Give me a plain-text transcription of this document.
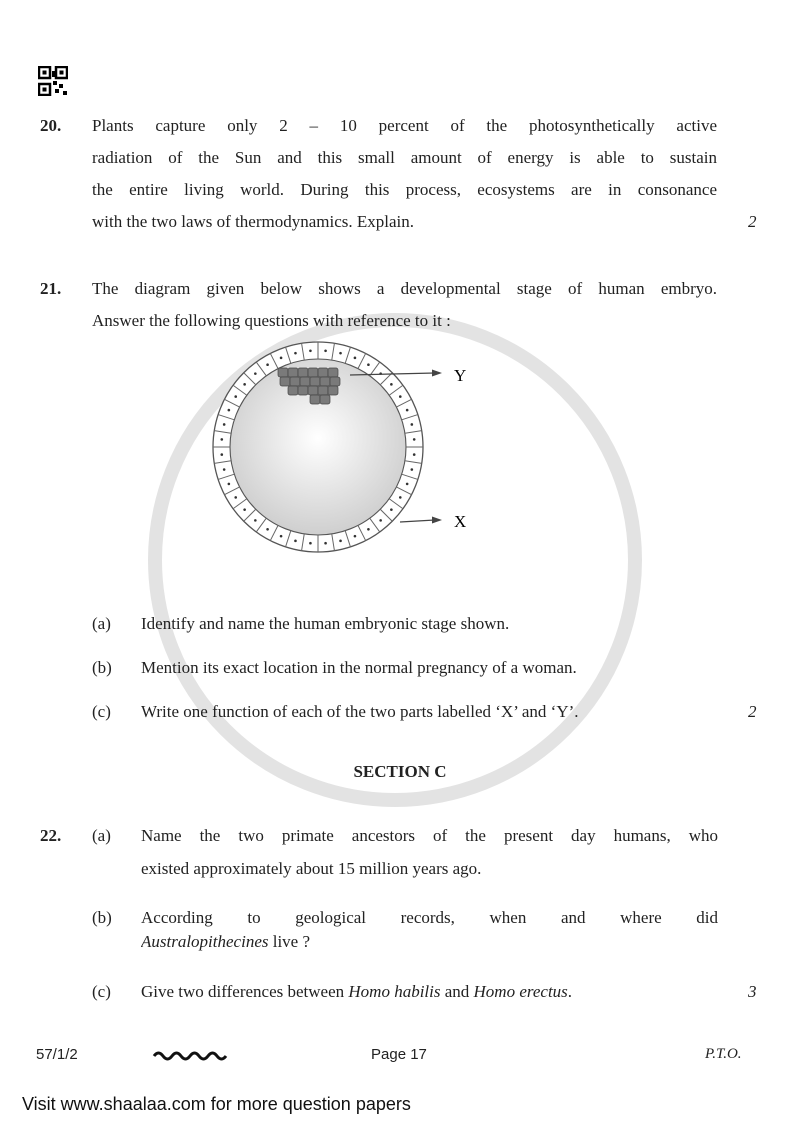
20. Plants capture only 2 – 10 percent of the photosynthetically active
radiation of the Sun and this small amount of energy is able to sustain
the entire living world. During this process, ecosystems are in consonance
with the two laws of thermodynamics. Explain.	2
21. The diagram given below shows a developmental stage of human embryo.
Answer the following questions with reference to it :
Y
X
(a) Identify and name the human embryonic stage shown.
(b) Mention its exact location in the normal pregnancy of a woman.
(c) Write one function of each of the two parts labelled ‘X’ and ‘Y’.	2
SECTION C
22. (a) Name the two primate ancestors of the present day humans, who
existed approximately about 15 million years ago.
(b) According to geological records, when and where did
Australopithecines live ?
(c) Give two differences between Homo habilis and Homo erectus.	3
57/1/2	Page 17	P.T.O.
Visit www.shaalaa.com for more question papers
